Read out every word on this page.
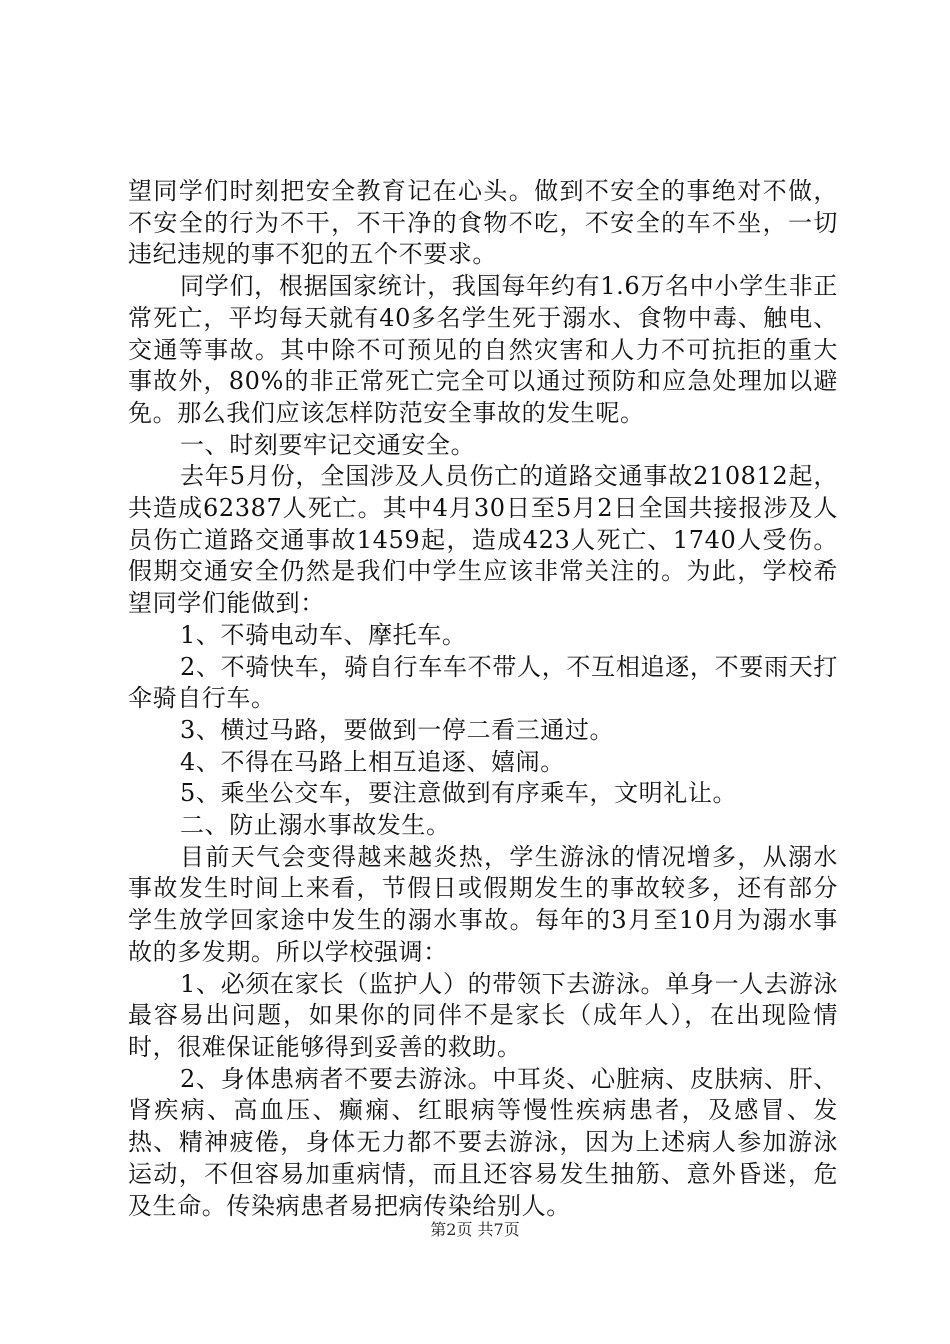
望同学们时刻把安全教育记在心头。做到不安全的事绝对不做，不安全的行为不干，不干净的食物不吃，不安全的车不坐，一切违纪违规的事不犯的五个不要求。

同学们，根据国家统计，我国每年约有1.6万名中小学生非正常死亡，平均每天就有40多名学生死于溺水、食物中毒、触电、交通等事故。其中除不可预见的自然灾害和人力不可抗拒的重大事故外，80%的非正常死亡完全可以通过预防和应急处理加以避免。那么我们应该怎样防范安全事故的发生呢。

一、时刻要牢记交通安全。

去年5月份，全国涉及人员伤亡的道路交通事故210812起，共造成62387人死亡。其中4月30日至5月2日全国共接报涉及人员伤亡道路交通事故1459起，造成423人死亡、1740人受伤。假期交通安全仍然是我们中学生应该非常关注的。为此，学校希望同学们能做到：

1、不骑电动车、摩托车。

2、不骑快车，骑自行车车不带人，不互相追逐，不要雨天打伞骑自行车。

3、横过马路，要做到一停二看三通过。

4、不得在马路上相互追逐、嬉闹。

5、乘坐公交车，要注意做到有序乘车，文明礼让。

二、防止溺水事故发生。

目前天气会变得越来越炎热，学生游泳的情况增多，从溺水事故发生时间上来看，节假日或假期发生的事故较多，还有部分学生放学回家途中发生的溺水事故。每年的3月至10月为溺水事故的多发期。所以学校强调：

1、必须在家长（监护人）的带领下去游泳。单身一人去游泳最容易出问题，如果你的同伴不是家长（成年人），在出现险情时，很难保证能够得到妥善的救助。

2、身体患病者不要去游泳。中耳炎、心脏病、皮肤病、肝、肾疾病、高血压、癫痫、红眼病等慢性疾病患者，及感冒、发热、精神疲倦，身体无力都不要去游泳，因为上述病人参加游泳运动，不但容易加重病情，而且还容易发生抽筋、意外昏迷，危及生命。传染病患者易把病传染给别人。

第2页 共7页
